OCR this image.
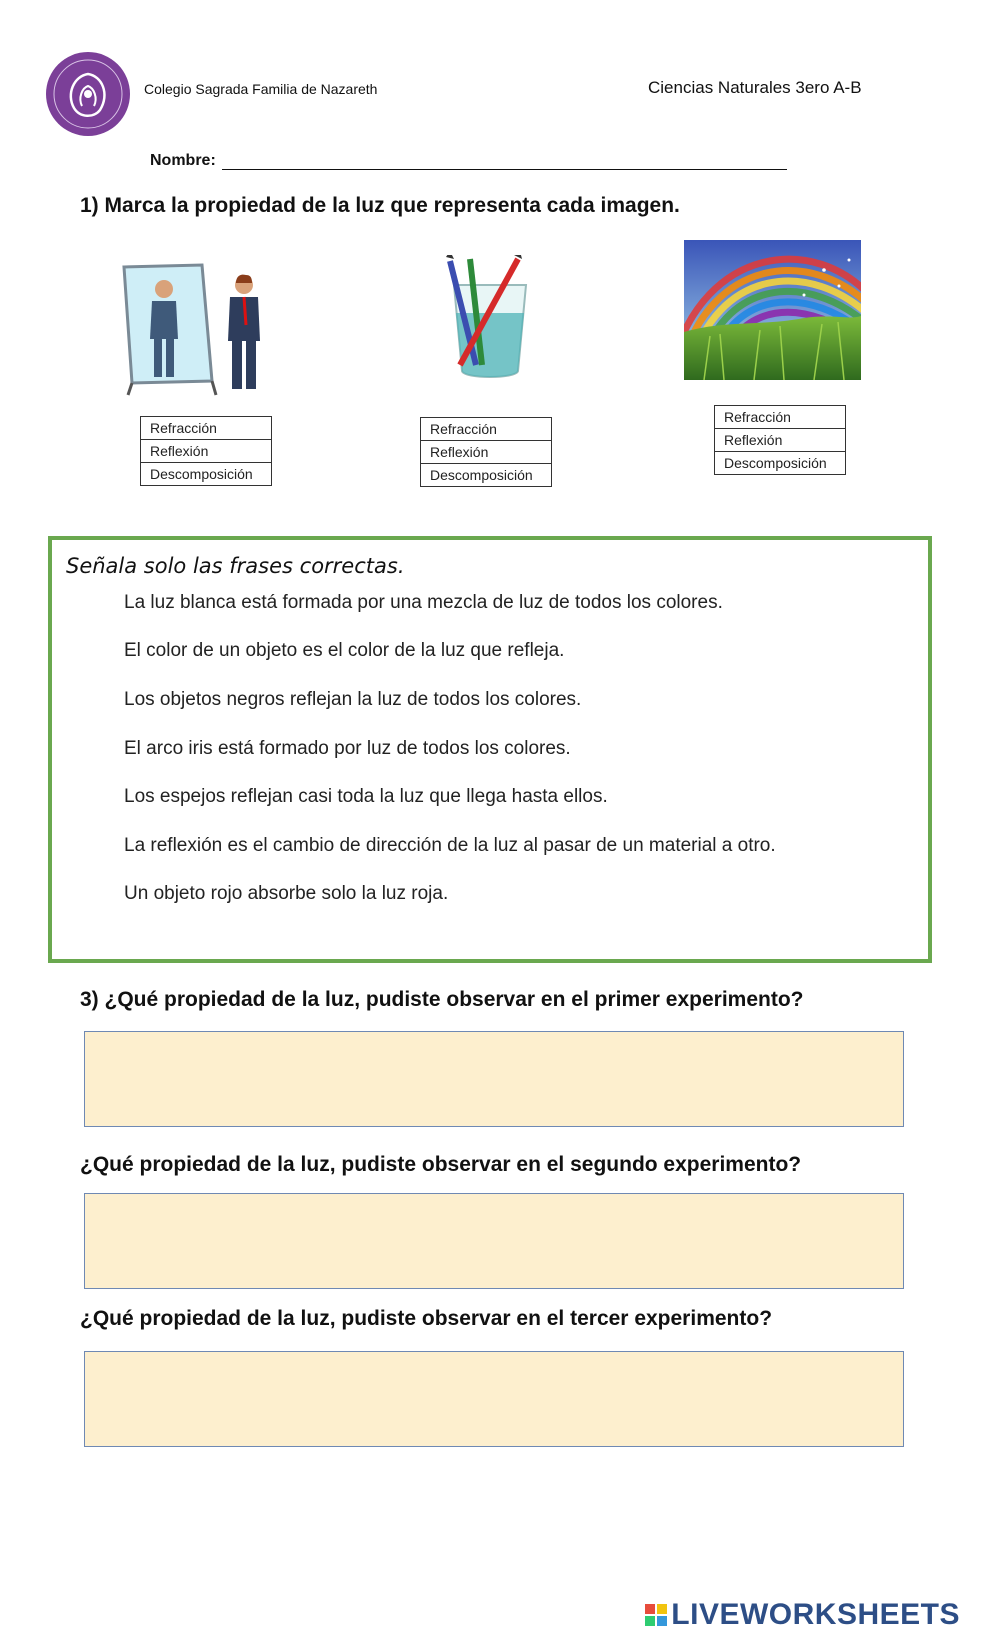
Colegio Sagrada Familia de Nazareth	Ciencias Naturales 3ero A-B
Nombre:
1) Marca la propiedad de la luz que representa cada imagen.
Refracción
Reflexión
Descomposición
Refracción
Reflexión
Descomposición
Refracción
Reflexión
Descomposición
Señala solo las frases correctas.
La luz blanca está formada por una mezcla de luz de todos los colores.
El color de un objeto es el color de la luz que refleja.
Los objetos negros reflejan la luz de todos los colores.
El arco iris está formado por luz de todos los colores.
Los espejos reflejan casi toda la luz que llega hasta ellos.
La reflexión es el cambio de dirección de la luz al pasar de un material a otro.
Un objeto rojo absorbe solo la luz roja.
3) ¿Qué propiedad de la luz, pudiste observar en el primer experimento?
¿Qué propiedad de la luz, pudiste observar en el segundo experimento?
¿Qué propiedad de la luz, pudiste observar en el tercer experimento?
LIVEWORKSHEETS
